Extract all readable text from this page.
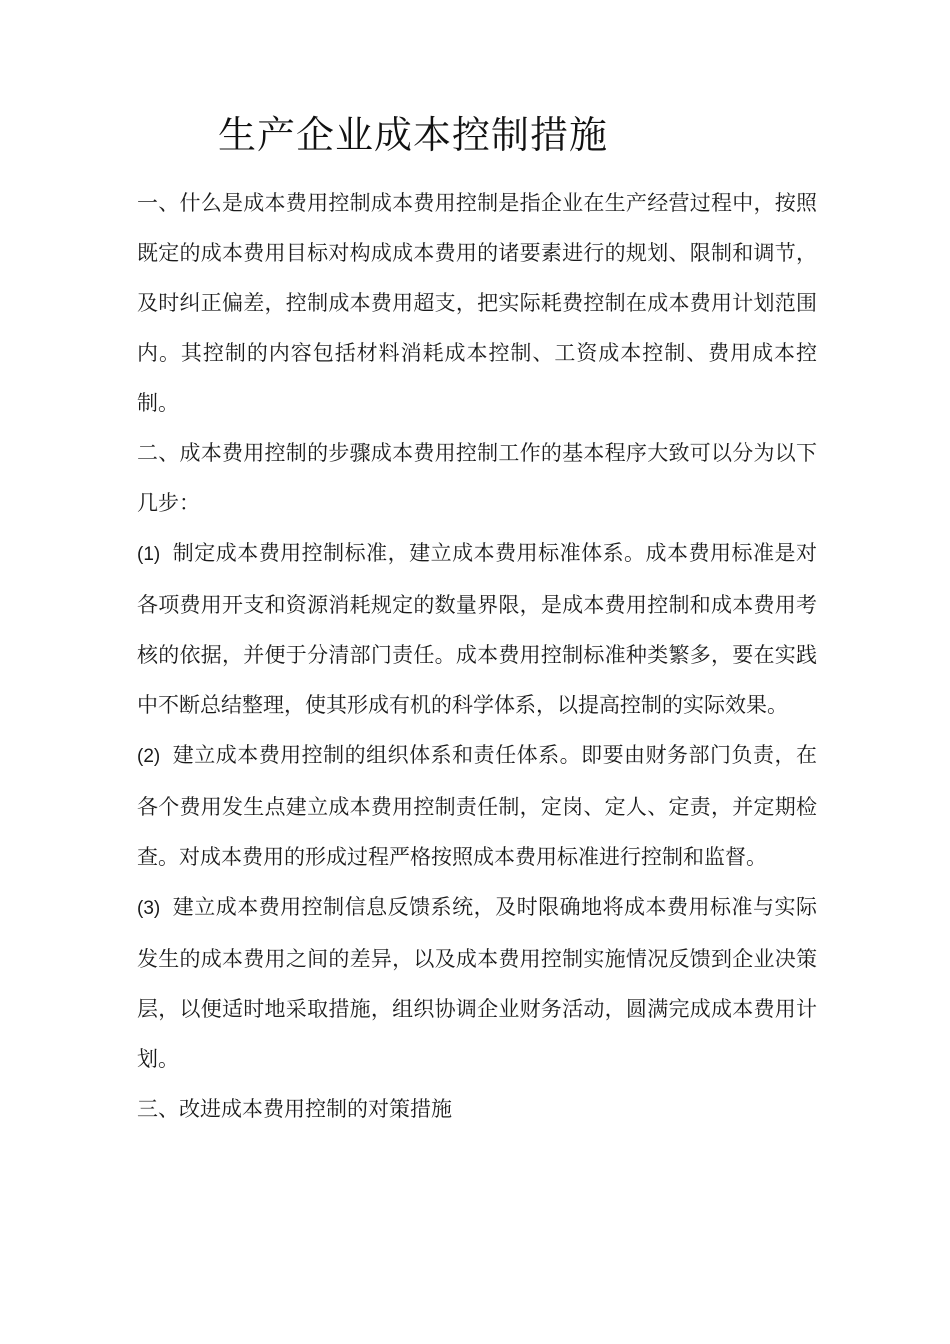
生产企业成本控制措施

一、什么是成本费用控制成本费用控制是指企业在生产经营过程中，按照既定的成本费用目标对构成成本费用的诸要素进行的规划、限制和调节，及时纠正偏差，控制成本费用超支，把实际耗费控制在成本费用计划范围内。其控制的内容包括材料消耗成本控制、工资成本控制、费用成本控制。

二、成本费用控制的步骤成本费用控制工作的基本程序大致可以分为以下几步：

(1) 制定成本费用控制标准，建立成本费用标准体系。成本费用标准是对各项费用开支和资源消耗规定的数量界限，是成本费用控制和成本费用考核的依据，并便于分清部门责任。成本费用控制标准种类繁多，要在实践中不断总结整理，使其形成有机的科学体系，以提高控制的实际效果。

(2) 建立成本费用控制的组织体系和责任体系。即要由财务部门负责，在各个费用发生点建立成本费用控制责任制，定岗、定人、定责，并定期检查。对成本费用的形成过程严格按照成本费用标准进行控制和监督。

(3) 建立成本费用控制信息反馈系统，及时限确地将成本费用标准与实际发生的成本费用之间的差异，以及成本费用控制实施情况反馈到企业决策层，以便适时地采取措施，组织协调企业财务活动，圆满完成成本费用计划。

三、改进成本费用控制的对策措施
